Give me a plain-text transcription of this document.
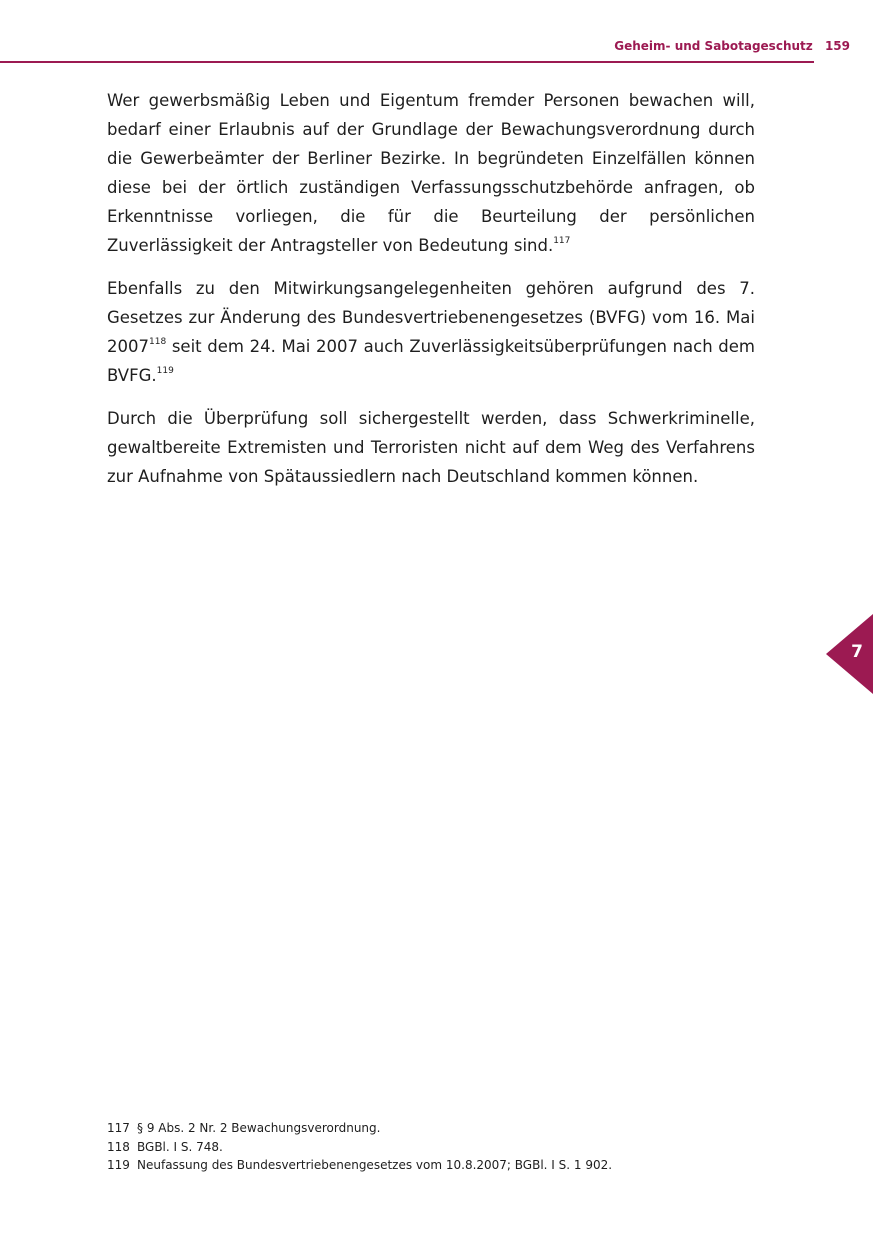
Geheim- und Sabotageschutz 159

Wer gewerbsmäßig Leben und Eigentum fremder Personen bewachen will, bedarf einer Erlaubnis auf der Grundlage der Bewachungsverordnung durch die Gewerbeämter der Berliner Bezirke. In begründeten Einzelfällen können diese bei der örtlich zuständigen Verfassungsschutzbehörde anfragen, ob Erkenntnisse vorliegen, die für die Beurteilung der persönlichen Zuverlässigkeit der Antragsteller von Bedeutung sind.$^{117}$

Ebenfalls zu den Mitwirkungsangelegenheiten gehören aufgrund des 7. Gesetzes zur Änderung des Bundesvertriebenengesetzes (BVFG) vom 16. Mai 2007$^{118}$ seit dem 24. Mai 2007 auch Zuverlässigkeitsüberprüfungen nach dem BVFG.$^{119}$

Durch die Überprüfung soll sichergestellt werden, dass Schwerkriminelle, gewaltbereite Extremisten und Terroristen nicht auf dem Weg des Verfahrens zur Aufnahme von Spätaussiedlern nach Deutschland kommen können.

7
117 § 9 Abs. 2 Nr. 2 Bewachungsverordnung.
118 BGBl. I S. 748.
119 Neufassung des Bundesvertriebenengesetzes vom 10.8.2007; BGBl. I S. 1 902.
